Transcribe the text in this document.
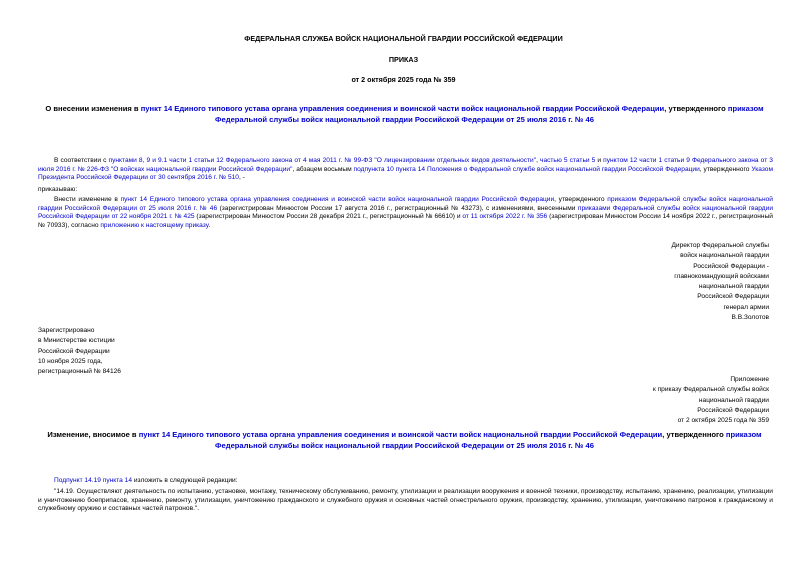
ФЕДЕРАЛЬНАЯ СЛУЖБА ВОЙСК НАЦИОНАЛЬНОЙ ГВАРДИИ РОССИЙСКОЙ ФЕДЕРАЦИИ
ПРИКАЗ
от 2 октября 2025 года № 359
О внесении изменения в пункт 14 Единого типового устава органа управления соединения и воинской части войск национальной гвардии Российской Федерации, утвержденного приказом Федеральной службы войск национальной гвардии Российской Федерации от 25 июля 2016 г. № 46
В соответствии с пунктами 8, 9 и 9.1 части 1 статьи 12 Федерального закона от 4 мая 2011 г. № 99-ФЗ "О лицензировании отдельных видов деятельности", частью 5 статьи 5 и пунктом 12 части 1 статьи 9 Федерального закона от 3 июля 2016 г. № 226-ФЗ "О войсках национальной гвардии Российской Федерации", абзацем восьмым подпункта 10 пункта 14 Положения о Федеральной службе войск национальной гвардии Российской Федерации, утвержденного Указом Президента Российской Федерации от 30 сентября 2016 г. № 510, -
приказываю:
Внести изменение в пункт 14 Единого типового устава органа управления соединения и воинской части войск национальной гвардии Российской Федерации, утвержденного приказом Федеральной службы войск национальной гвардии Российской Федерации от 25 июля 2016 г. № 46 (зарегистрирован Минюстом России 17 августа 2016 г., регистрационный № 43273), с изменениями, внесенными приказами Федеральной службы войск национальной гвардии Российской Федерации от 22 ноября 2021 г. № 425 (зарегистрирован Минюстом России 28 декабря 2021 г., регистрационный № 66610) и от 11 октября 2022 г. № 356 (зарегистрирован Минюстом России 14 ноября 2022 г., регистрационный № 70933), согласно приложению к настоящему приказу.
Директор Федеральной службы
войск национальной гвардии
Российской Федерации -
главнокомандующий войсками
национальной гвардии
Российской Федерации
генерал армии
В.В.Золотов
Зарегистрировано
в Министерстве юстиции
Российской Федерации
10 ноября 2025 года,
регистрационный № 84126
Приложение
к приказу Федеральной службы войск
национальной гвардии
Российской Федерации
от 2 октября 2025 года № 359
Изменение, вносимое в пункт 14 Единого типового устава органа управления соединения и воинской части войск национальной гвардии Российской Федерации, утвержденного приказом Федеральной службы войск национальной гвардии Российской Федерации от 25 июля 2016 г. № 46
Подпункт 14.19 пункта 14 изложить в следующей редакции:
"14.19. Осуществляют деятельность по испытанию, установке, монтажу, техническому обслуживанию, ремонту, утилизации и реализации вооружения и военной техники, производству, испытанию, хранению, реализации, утилизации и уничтожению боеприпасов, хранению, ремонту, утилизации, уничтожению гражданского и служебного оружия и основных частей огнестрельного оружия, производству, хранению, утилизации, уничтожению патронов к гражданскому и служебному оружию и составных частей патронов.".
